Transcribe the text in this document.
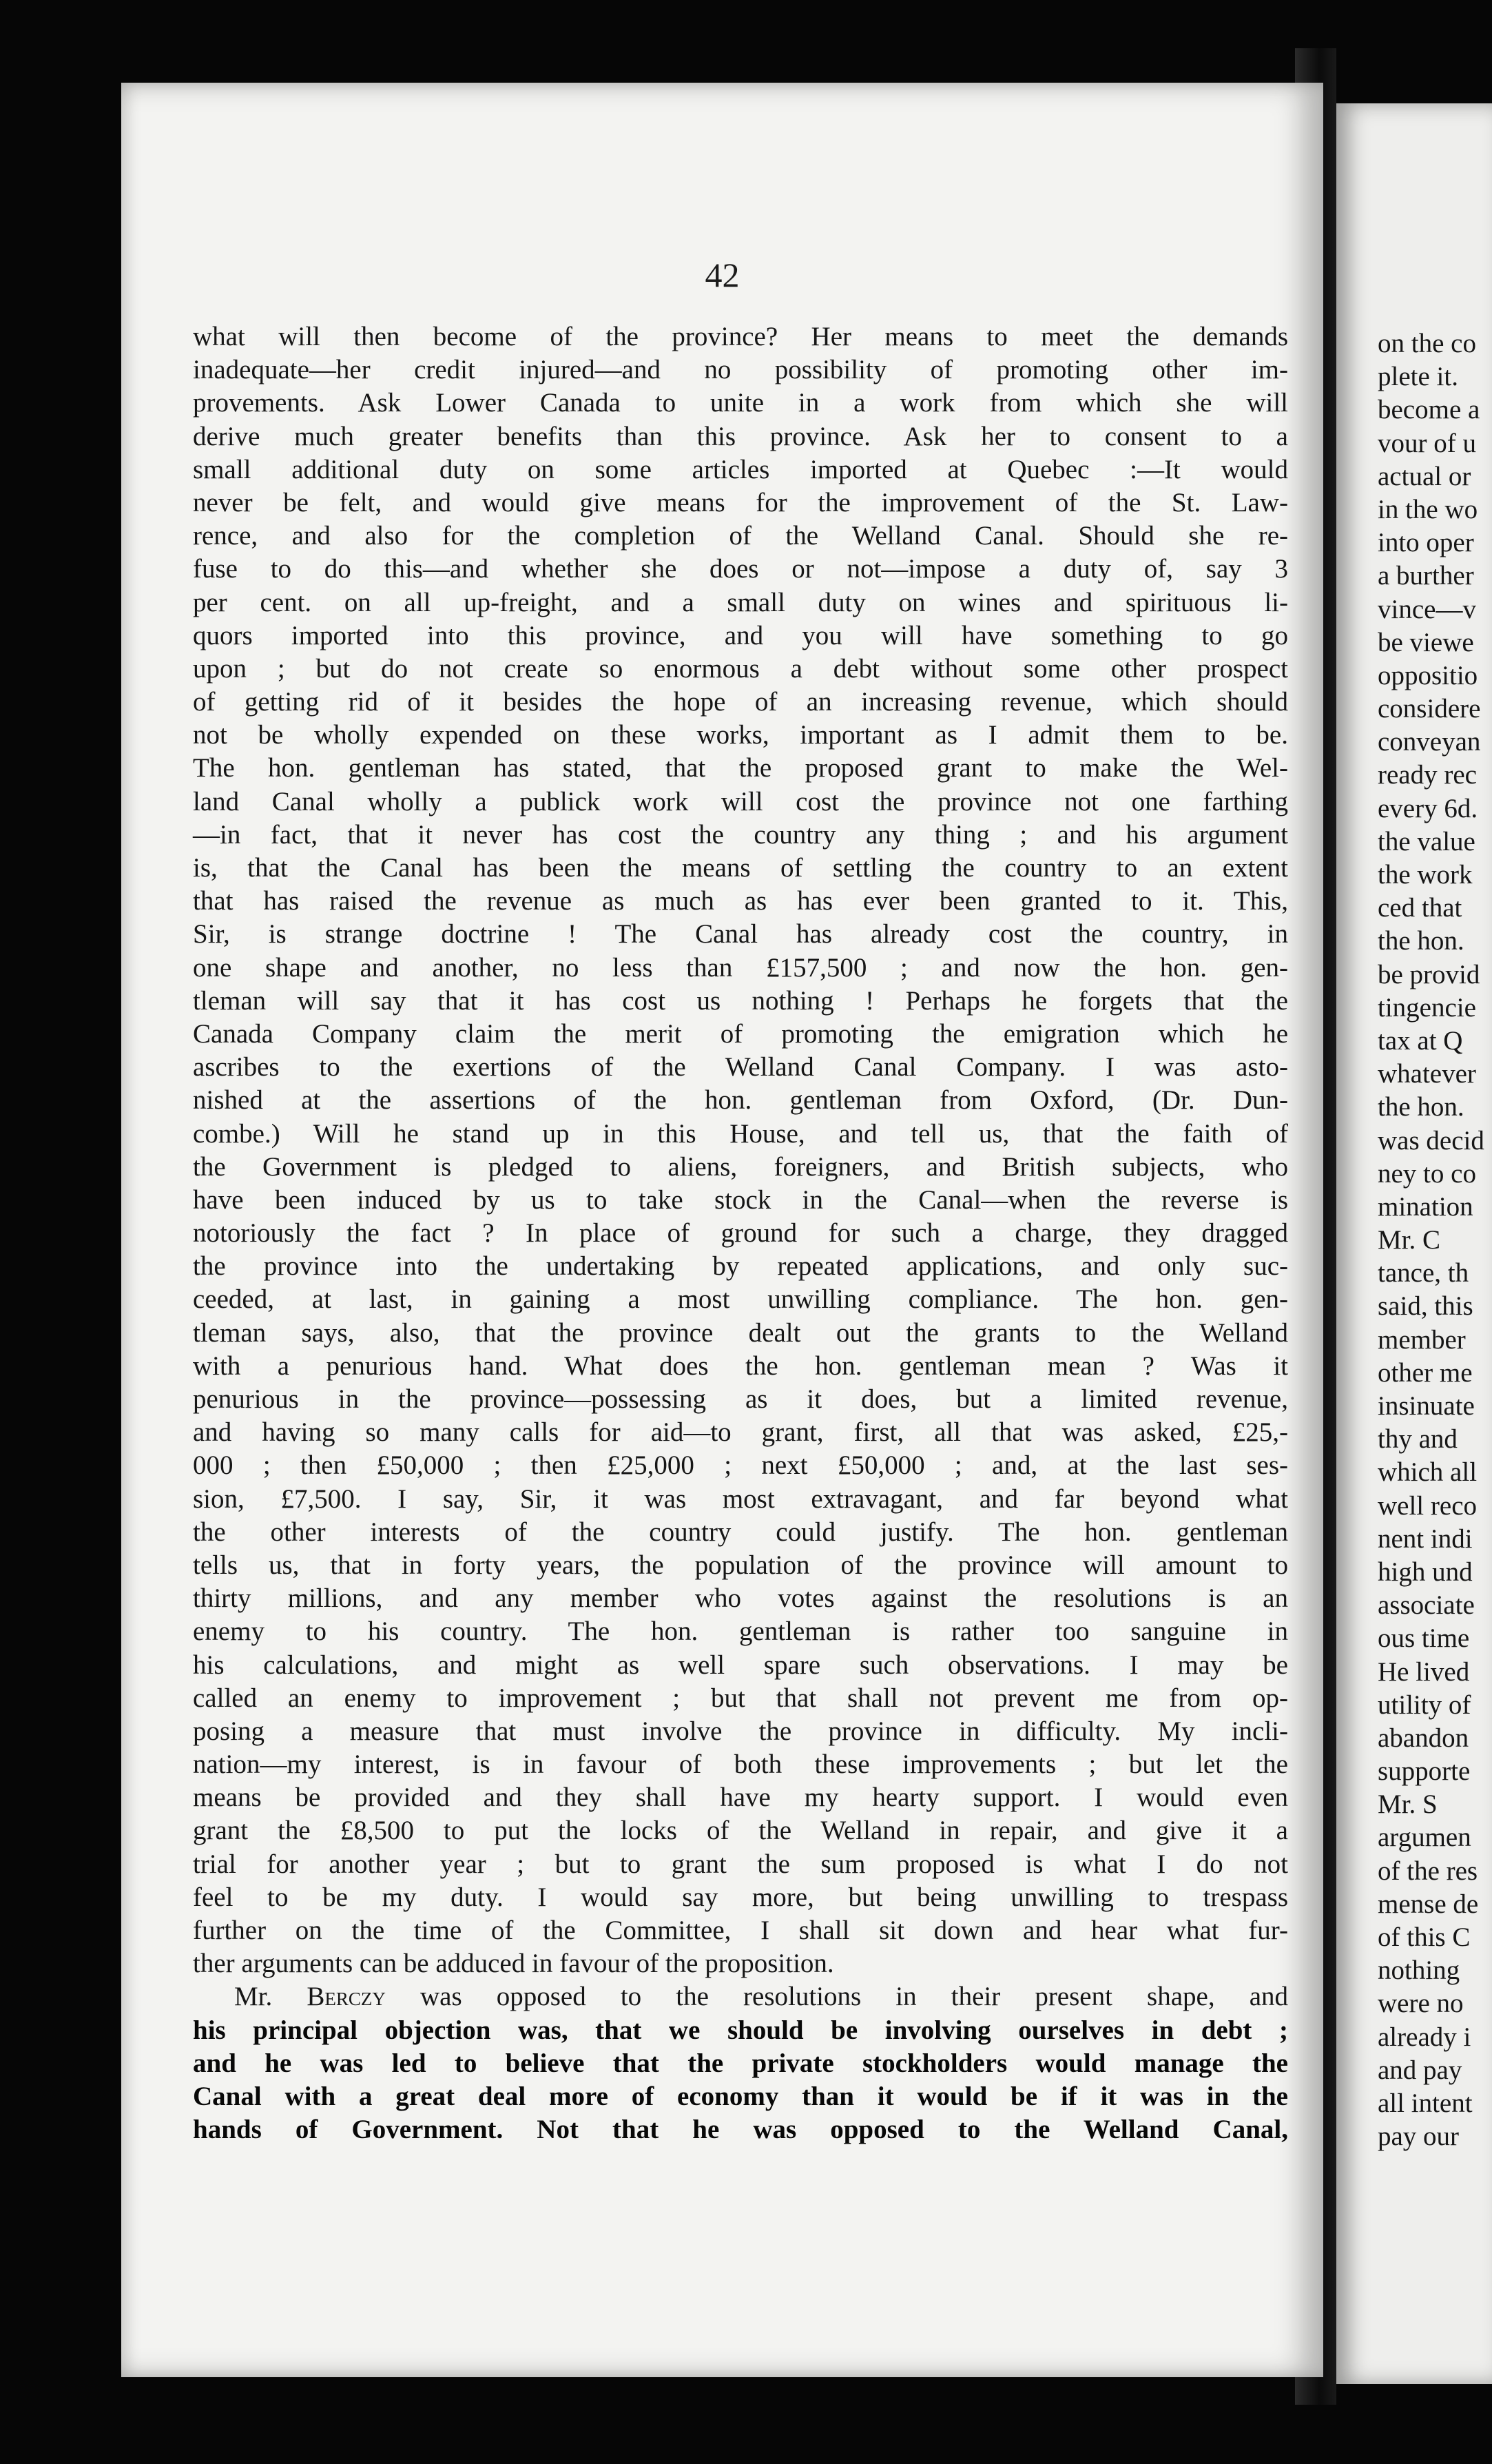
42
what will then become of the province? Her means to meet the demands
inadequate—her credit injured—and no possibility of promoting other im-
provements. Ask Lower Canada to unite in a work from which she will
derive much greater benefits than this province. Ask her to consent to a
small additional duty on some articles imported at Quebec :—It would
never be felt, and would give means for the improvement of the St. Law-
rence, and also for the completion of the Welland Canal. Should she re-
fuse to do this—and whether she does or not—impose a duty of, say 3
per cent. on all up-freight, and a small duty on wines and spirituous li-
quors imported into this province, and you will have something to go
upon ; but do not create so enormous a debt without some other prospect
of getting rid of it besides the hope of an increasing revenue, which should
not be wholly expended on these works, important as I admit them to be.
The hon. gentleman has stated, that the proposed grant to make the Wel-
land Canal wholly a publick work will cost the province not one farthing
—in fact, that it never has cost the country any thing ; and his argument
is, that the Canal has been the means of settling the country to an extent
that has raised the revenue as much as has ever been granted to it. This,
Sir, is strange doctrine ! The Canal has already cost the country, in
one shape and another, no less than £157,500 ; and now the hon. gen-
tleman will say that it has cost us nothing ! Perhaps he forgets that the
Canada Company claim the merit of promoting the emigration which he
ascribes to the exertions of the Welland Canal Company. I was asto-
nished at the assertions of the hon. gentleman from Oxford, (Dr. Dun-
combe.) Will he stand up in this House, and tell us, that the faith of
the Government is pledged to aliens, foreigners, and British subjects, who
have been induced by us to take stock in the Canal—when the reverse is
notoriously the fact ? In place of ground for such a charge, they dragged
the province into the undertaking by repeated applications, and only suc-
ceeded, at last, in gaining a most unwilling compliance. The hon. gen-
tleman says, also, that the province dealt out the grants to the Welland
with a penurious hand. What does the hon. gentleman mean ? Was it
penurious in the province—possessing as it does, but a limited revenue,
and having so many calls for aid—to grant, first, all that was asked, £25,-
000 ; then £50,000 ; then £25,000 ; next £50,000 ; and, at the last ses-
sion, £7,500. I say, Sir, it was most extravagant, and far beyond what
the other interests of the country could justify. The hon. gentleman
tells us, that in forty years, the population of the province will amount to
thirty millions, and any member who votes against the resolutions is an
enemy to his country. The hon. gentleman is rather too sanguine in
his calculations, and might as well spare such observations. I may be
called an enemy to improvement ; but that shall not prevent me from op-
posing a measure that must involve the province in difficulty. My incli-
nation—my interest, is in favour of both these improvements ; but let the
means be provided and they shall have my hearty support. I would even
grant the £8,500 to put the locks of the Welland in repair, and give it a
trial for another year ; but to grant the sum proposed is what I do not
feel to be my duty. I would say more, but being unwilling to trespass
further on the time of the Committee, I shall sit down and hear what fur-
ther arguments can be adduced in favour of the proposition.
Mr. Berczy was opposed to the resolutions in their present shape, and
his principal objection was, that we should be involving ourselves in debt ;
and he was led to believe that the private stockholders would manage the
Canal with a great deal more of economy than it would be if it was in the
hands of Government. Not that he was opposed to the Welland Canal,
on the co
plete it.
become a
vour of u
actual or
in the wo
into oper
a burther
vince—v
be viewe
oppositio
considere
conveyan
ready rec
every 6d.
the value
the work
ced that
the hon.
be provid
tingencie
tax at Q
whatever
the hon.
was decid
ney to co
mination
Mr. C
tance, th
said, this
member
other me
insinuate
thy and
which all
well reco
nent indi
high und
associate
ous time
He lived
utility of
abandon
supporte
Mr. S
argumen
of the res
mense de
of this C
nothing
were no
already i
and pay
all intent
pay our
